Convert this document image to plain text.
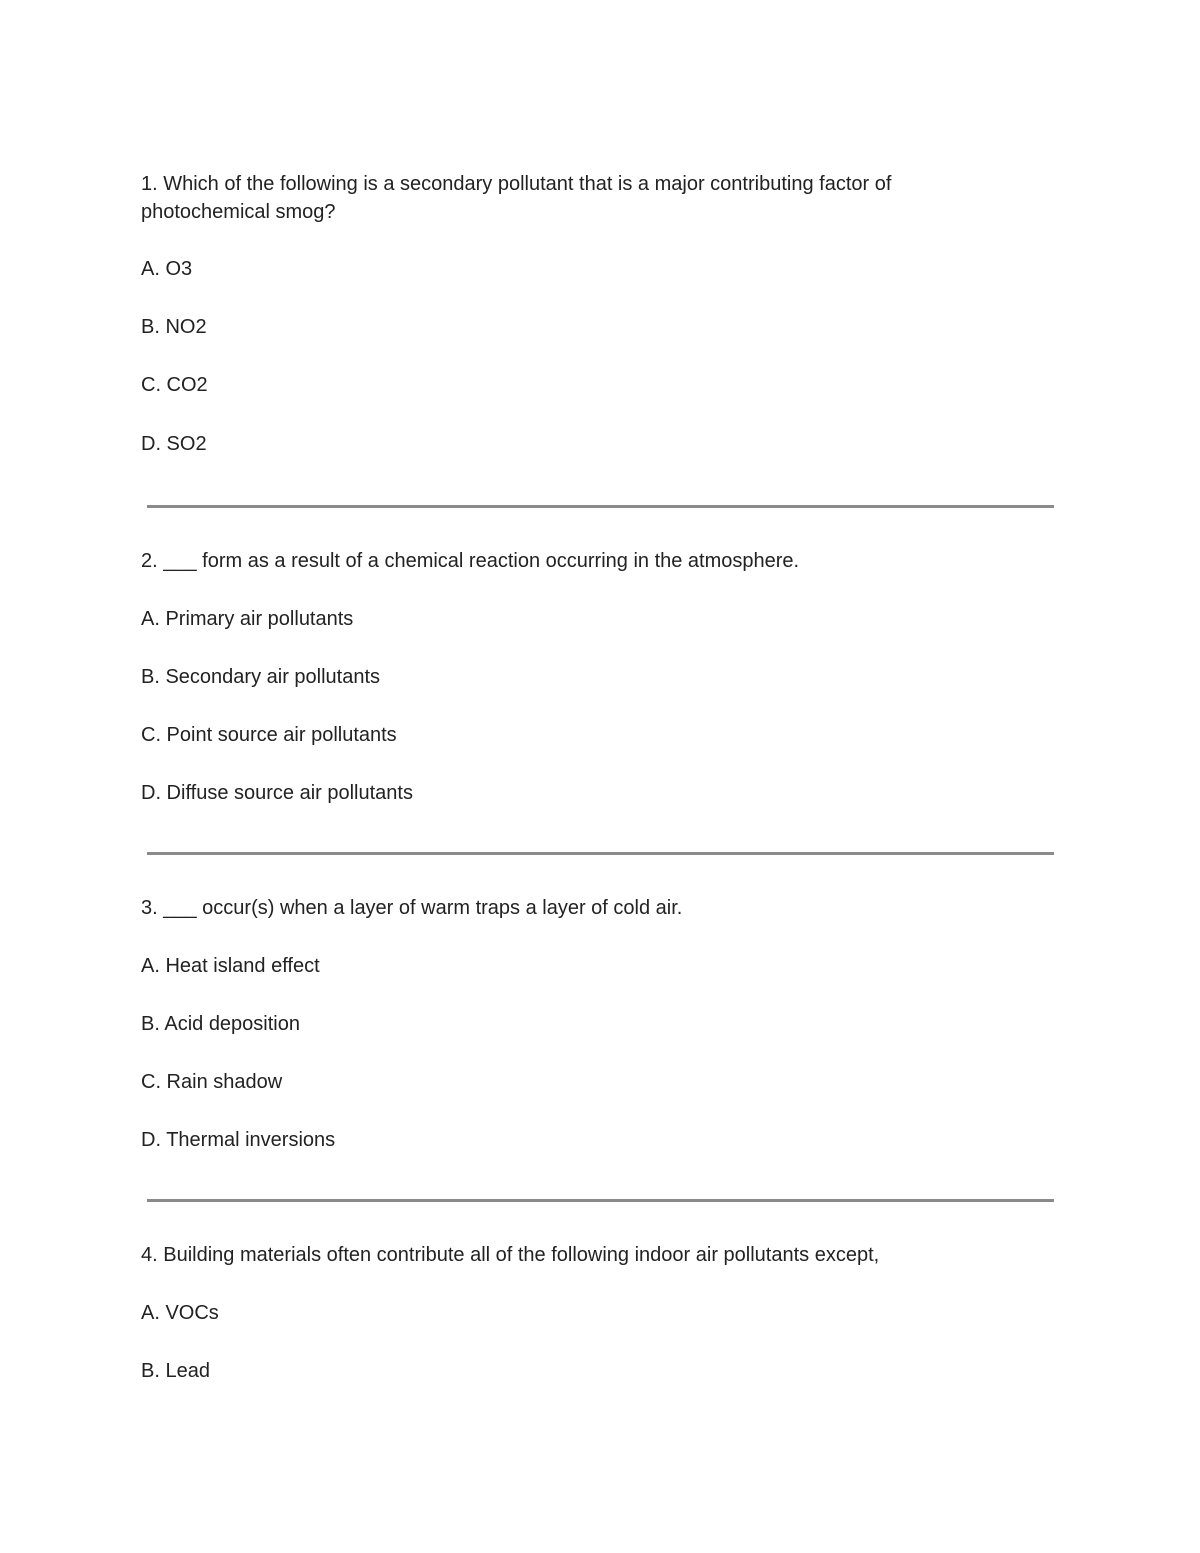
1. Which of the following is a secondary pollutant that is a major contributing factor of photochemical smog?

A. O3

B. NO2

C. CO2

D. SO2

2. ___ form as a result of a chemical reaction occurring in the atmosphere.

A. Primary air pollutants

B. Secondary air pollutants

C. Point source air pollutants

D. Diffuse source air pollutants

3. ___ occur(s) when a layer of warm traps a layer of cold air.

A. Heat island effect

B. Acid deposition

C. Rain shadow

D. Thermal inversions

4. Building materials often contribute all of the following indoor air pollutants except,

A. VOCs

B. Lead
